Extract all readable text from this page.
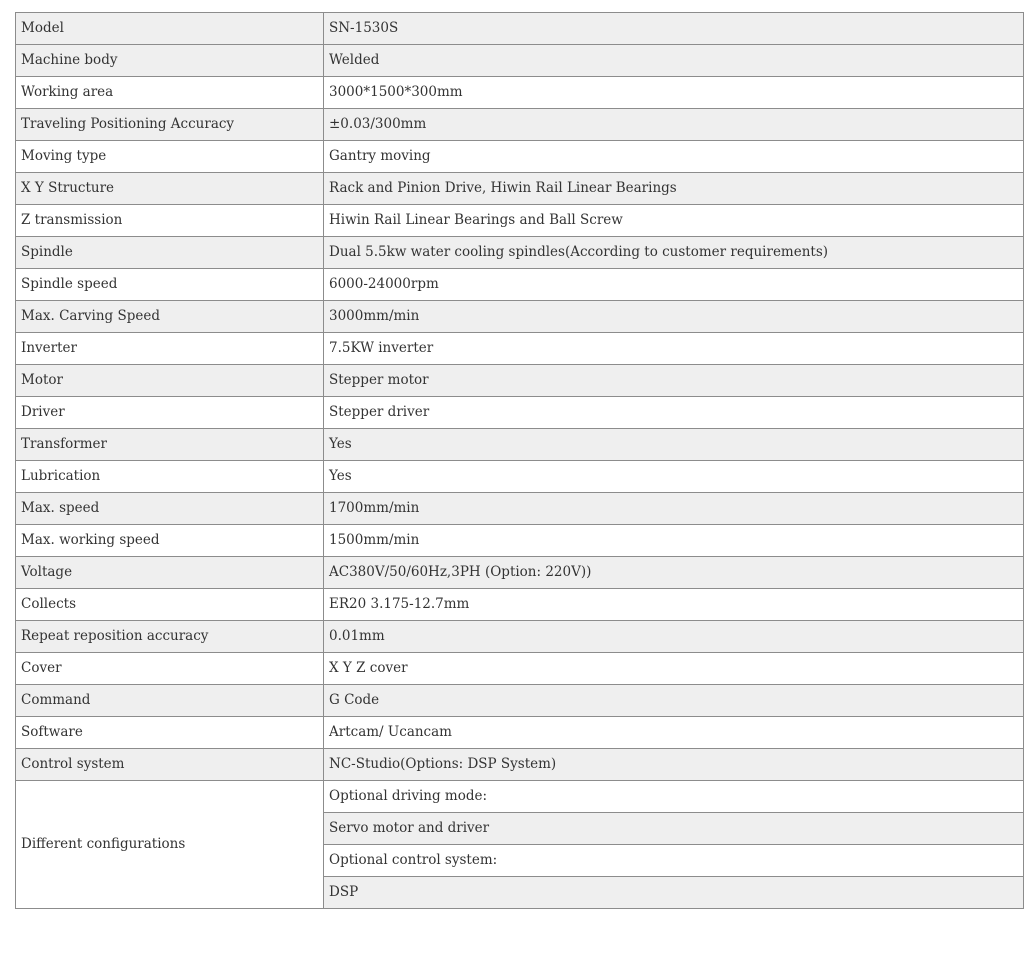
Model	SN-1530S
Machine body	Welded
Working area	3000*1500*300mm
Traveling Positioning Accuracy	±0.03/300mm
Moving type	Gantry moving
X Y Structure	Rack and Pinion Drive, Hiwin Rail Linear Bearings
Z transmission	Hiwin Rail Linear Bearings and Ball Screw
Spindle	Dual 5.5kw water cooling spindles(According to customer requirements)
Spindle speed	6000-24000rpm
Max. Carving Speed	3000mm/min
Inverter	7.5KW inverter
Motor	Stepper motor
Driver	Stepper driver
Transformer	Yes
Lubrication	Yes
Max. speed	1700mm/min
Max. working speed	1500mm/min
Voltage	AC380V/50/60Hz,3PH (Option: 220V))
Collects	ER20 3.175-12.7mm
Repeat reposition accuracy	0.01mm
Cover	X Y Z cover
Command	G Code
Software	Artcam/ Ucancam
Control system	NC-Studio(Options: DSP System)
Different configurations	Optional driving mode:
	Servo motor and driver
	Optional control system:
	DSP
